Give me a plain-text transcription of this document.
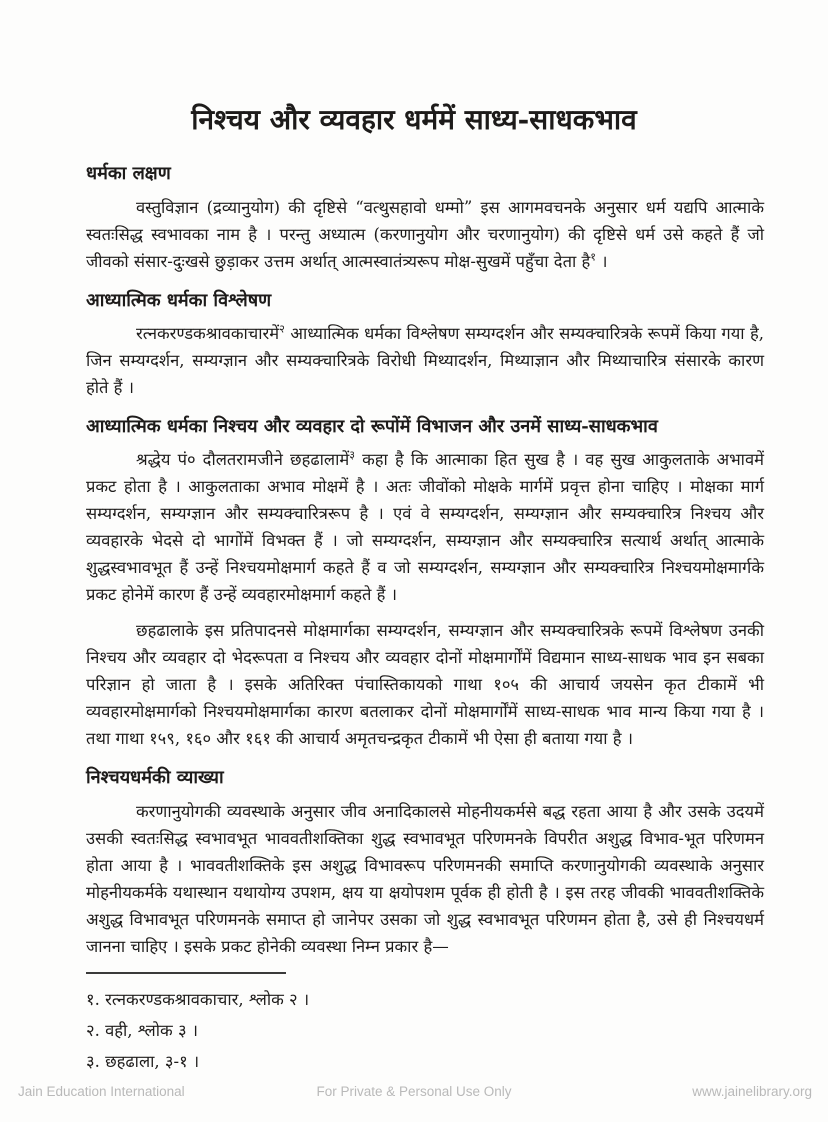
निश्चय और व्यवहार धर्ममें साध्य-साधकभाव
धर्मका लक्षण

वस्तुविज्ञान (द्रव्यानुयोग) की दृष्टिसे “वत्थुसहावो धम्मो” इस आगमवचनके अनुसार धर्म यद्यपि आत्माके स्वतःसिद्ध स्वभावका नाम है । परन्तु अध्यात्म (करणानुयोग और चरणानुयोग) की दृष्टिसे धर्म उसे कहते हैं जो जीवको संसार-दुःखसे छुड़ाकर उत्तम अर्थात् आत्मस्वातंत्र्यरूप मोक्ष-सुखमें पहुँचा देता है$^१$ ।

आध्यात्मिक धर्मका विश्लेषण

रत्नकरण्डकश्रावकाचारमें$^२$ आध्यात्मिक धर्मका विश्लेषण सम्यग्दर्शन और सम्यक्चारित्रके रूपमें किया गया है, जिन सम्यग्दर्शन, सम्यग्ज्ञान और सम्यक्चारित्रके विरोधी मिथ्यादर्शन, मिथ्याज्ञान और मिथ्याचारित्र संसारके कारण होते हैं ।

आध्यात्मिक धर्मका निश्चय और व्यवहार दो रूपोंमें विभाजन और उनमें साध्य-साधकभाव

श्रद्धेय पं० दौलतरामजीने छहढालामें$^३$ कहा है कि आत्माका हित सुख है । वह सुख आकुलताके अभावमें प्रकट होता है । आकुलताका अभाव मोक्षमें है । अतः जीवोंको मोक्षके मार्गमें प्रवृत्त होना चाहिए । मोक्षका मार्ग सम्यग्दर्शन, सम्यग्ज्ञान और सम्यक्चारित्ररूप है । एवं वे सम्यग्दर्शन, सम्यग्ज्ञान और सम्यक्चारित्र निश्चय और व्यवहारके भेदसे दो भागोंमें विभक्त हैं । जो सम्यग्दर्शन, सम्यग्ज्ञान और सम्यक्चारित्र सत्यार्थ अर्थात् आत्माके शुद्धस्वभावभूत हैं उन्हें निश्चयमोक्षमार्ग कहते हैं व जो सम्यग्दर्शन, सम्यग्ज्ञान और सम्यक्चारित्र निश्चयमोक्षमार्गके प्रकट होनेमें कारण हैं उन्हें व्यवहारमोक्षमार्ग कहते हैं ।

छहढालाके इस प्रतिपादनसे मोक्षमार्गका सम्यग्दर्शन, सम्यग्ज्ञान और सम्यक्चारित्रके रूपमें विश्लेषण उनकी निश्चय और व्यवहार दो भेदरूपता व निश्चय और व्यवहार दोनों मोक्षमार्गोंमें विद्यमान साध्य-साधक भाव इन सबका परिज्ञान हो जाता है । इसके अतिरिक्त पंचास्तिकायको गाथा १०५ की आचार्य जयसेन कृत टीकामें भी व्यवहारमोक्षमार्गको निश्चयमोक्षमार्गका कारण बतलाकर दोनों मोक्षमार्गोंमें साध्य-साधक भाव मान्य किया गया है । तथा गाथा १५९, १६० और १६१ की आचार्य अमृतचन्द्रकृत टीकामें भी ऐसा ही बताया गया है ।

निश्चयधर्मकी व्याख्या

करणानुयोगकी व्यवस्थाके अनुसार जीव अनादिकालसे मोहनीयकर्मसे बद्ध रहता आया है और उसके उदयमें उसकी स्वतःसिद्ध स्वभावभूत भाववतीशक्तिका शुद्ध स्वभावभूत परिणमनके विपरीत अशुद्ध विभाव-भूत परिणमन होता आया है । भाववतीशक्तिके इस अशुद्ध विभावरूप परिणमनकी समाप्ति करणानुयोगकी व्यवस्थाके अनुसार मोहनीयकर्मके यथास्थान यथायोग्य उपशम, क्षय या क्षयोपशम पूर्वक ही होती है । इस तरह जीवकी भाववतीशक्तिके अशुद्ध विभावभूत परिणमनके समाप्त हो जानेपर उसका जो शुद्ध स्वभावभूत परिणमन होता है, उसे ही निश्चयधर्म जानना चाहिए । इसके प्रकट होनेकी व्यवस्था निम्न प्रकार है—

१. रत्नकरण्डकश्रावकाचार, श्लोक २ ।
२. वही, श्लोक ३ ।
३. छहढाला, ३-१ ।
Jain Education International	For Private & Personal Use Only	www.jainelibrary.org
